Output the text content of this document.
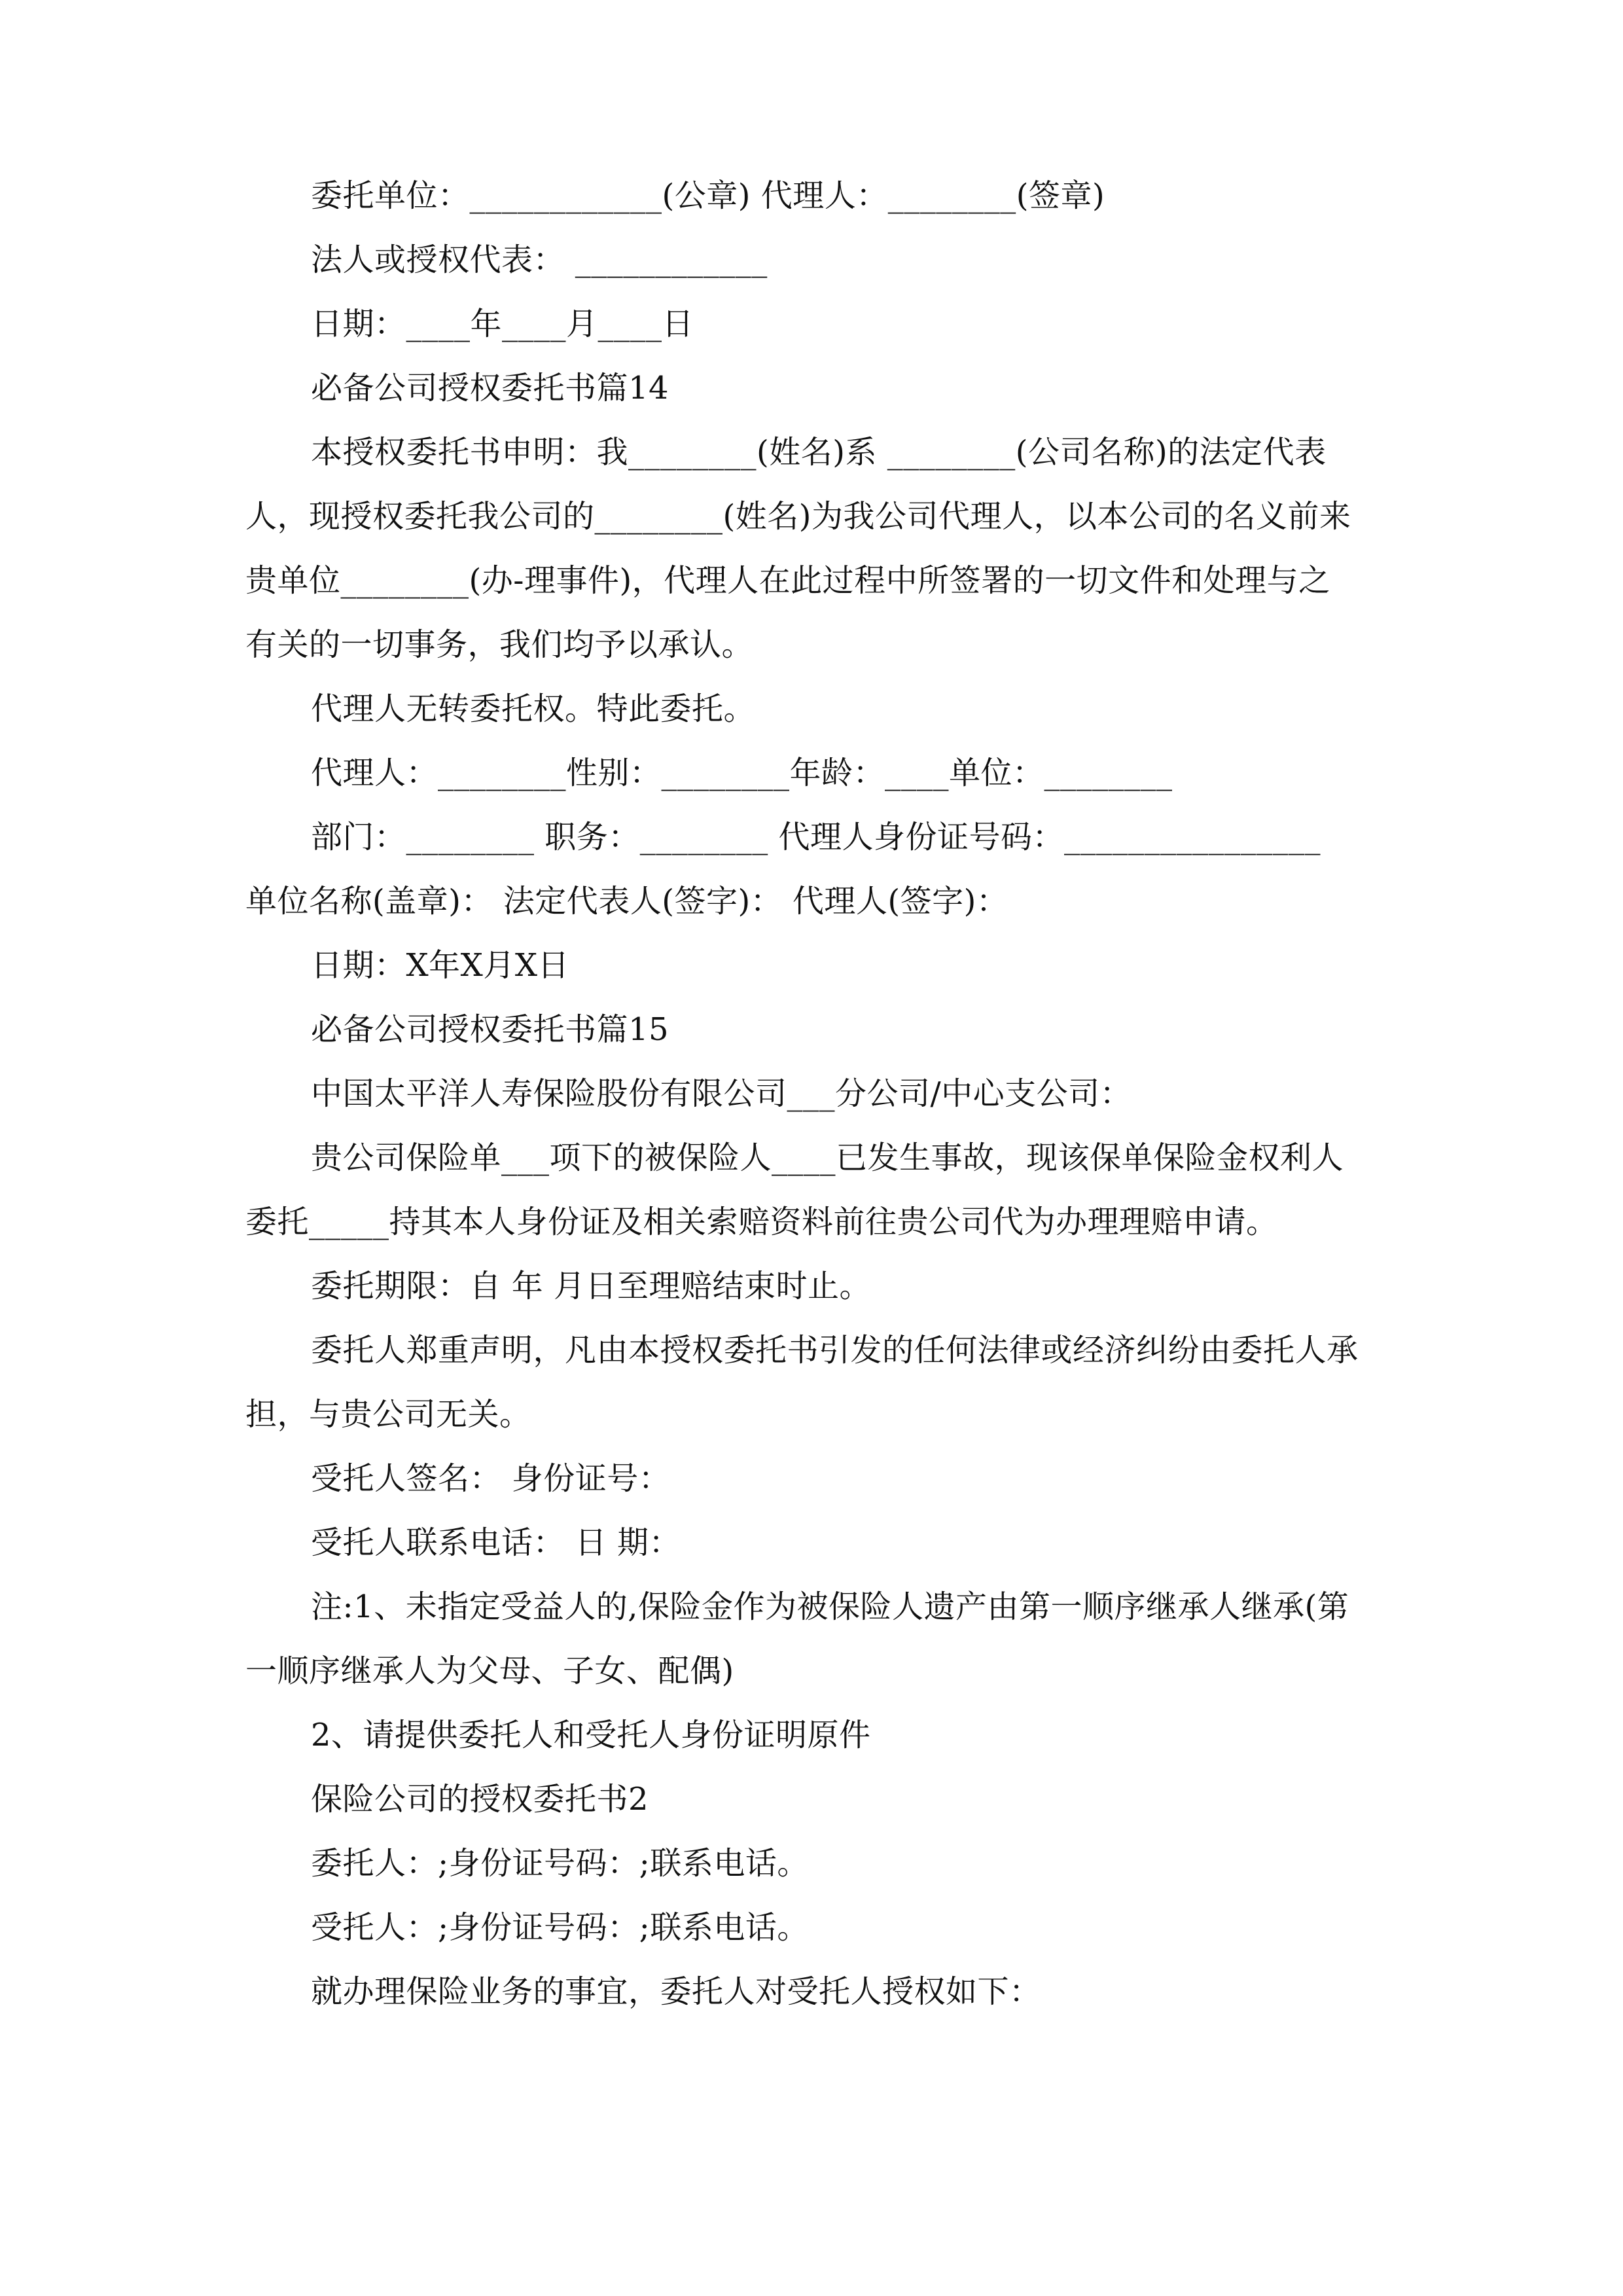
委托单位：____________(公章) 代理人：________(签章)
法人或授权代表： ____________
日期：____年____月____日
必备公司授权委托书篇14
本授权委托书申明：我________(姓名)系 ________(公司名称)的法定代表
人，现授权委托我公司的________(姓名)为我公司代理人，以本公司的名义前来
贵单位________(办-理事件)，代理人在此过程中所签署的一切文件和处理与之
有关的一切事务，我们均予以承认。
代理人无转委托权。特此委托。
代理人：________性别：________年龄：____单位：________
部门：________ 职务：________ 代理人身份证号码：________________
单位名称(盖章)： 法定代表人(签字)： 代理人(签字)：
日期：X年X月X日
必备公司授权委托书篇15
中国太平洋人寿保险股份有限公司___分公司/中心支公司：
贵公司保险单___项下的被保险人____已发生事故，现该保单保险金权利人
委托_____持其本人身份证及相关索赔资料前往贵公司代为办理理赔申请。
委托期限：自 年 月日至理赔结束时止。
委托人郑重声明，凡由本授权委托书引发的任何法律或经济纠纷由委托人承
担，与贵公司无关。
受托人签名： 身份证号：
受托人联系电话： 日 期：
注:1、未指定受益人的,保险金作为被保险人遗产由第一顺序继承人继承(第
一顺序继承人为父母、子女、配偶)
2、请提供委托人和受托人身份证明原件
保险公司的授权委托书2
委托人：;身份证号码：;联系电话。
受托人：;身份证号码：;联系电话。
就办理保险业务的事宜，委托人对受托人授权如下：
